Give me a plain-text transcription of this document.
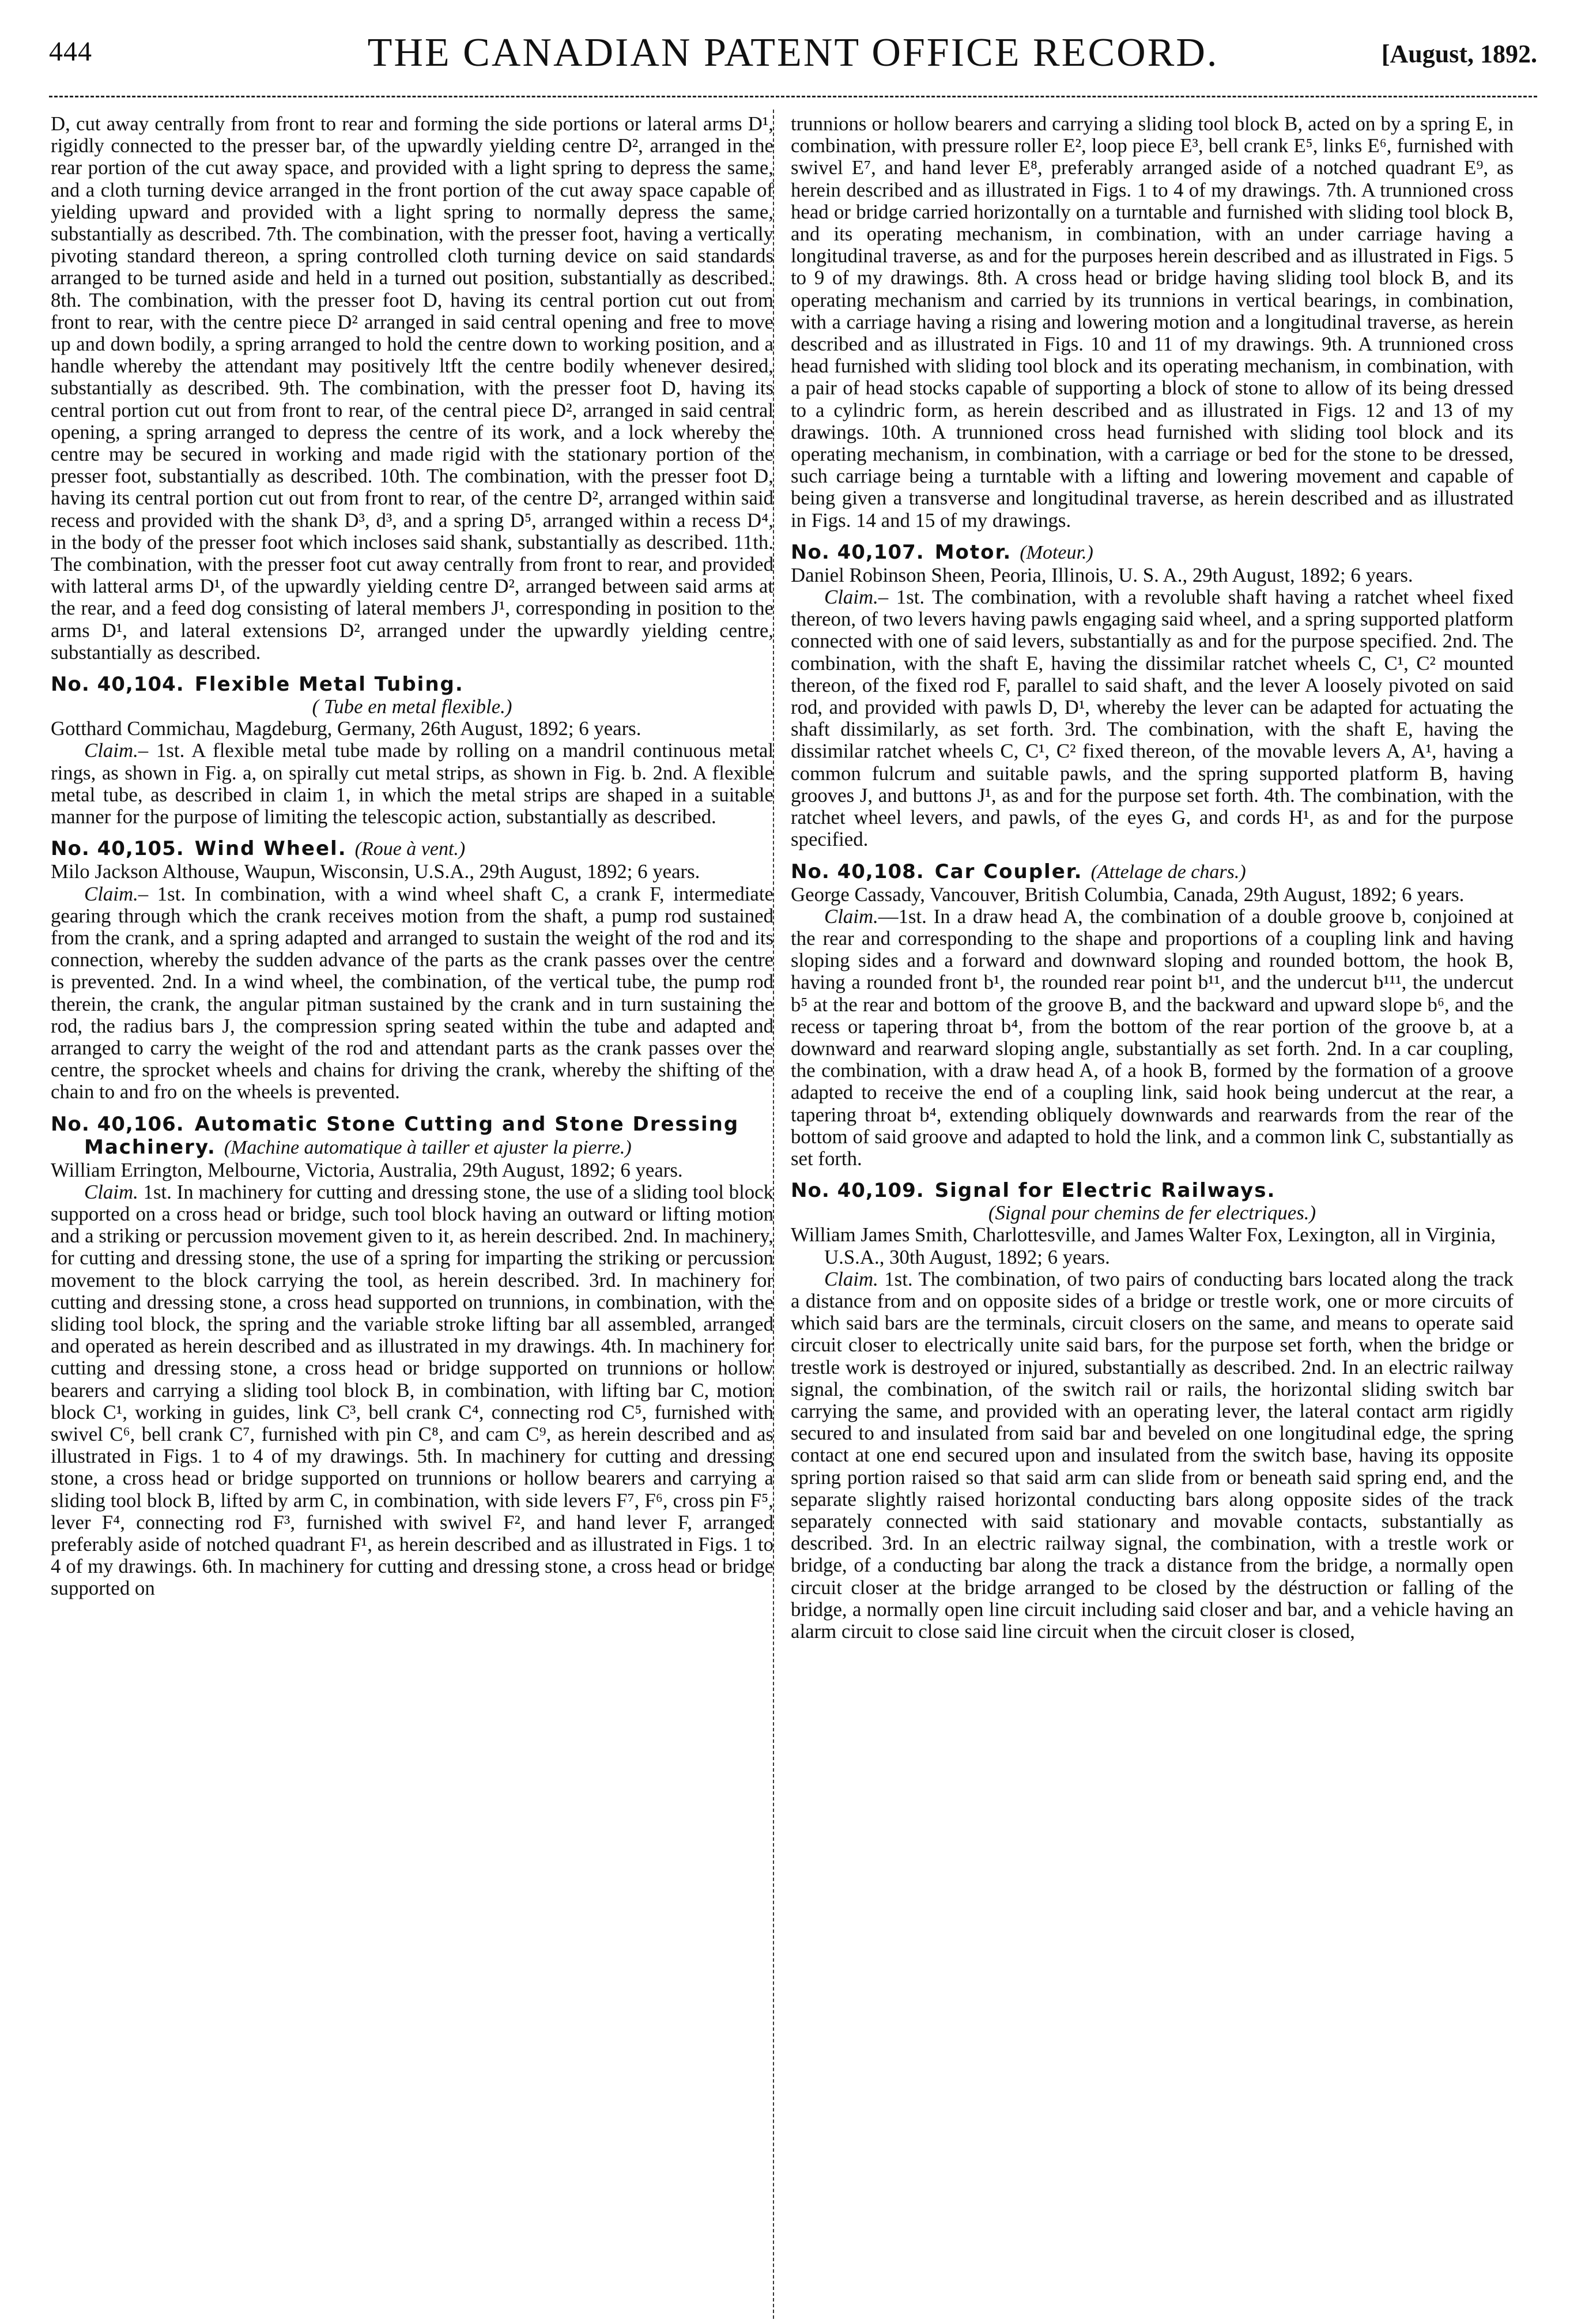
444	THE CANADIAN PATENT OFFICE RECORD.	[August, 1892.

D, cut away centrally from front to rear and forming the side portions or lateral arms D¹, rigidly connected to the presser bar, of the upwardly yielding centre D², arranged in the rear portion of the cut away space, and provided with a light spring to depress the same, and a cloth turning device arranged in the front portion of the cut away space capable of yielding upward and provided with a light spring to normally depress the same, substantially as described. 7th. The combination, with the presser foot, having a vertically pivoting standard thereon, a spring controlled cloth turning device on said standards arranged to be turned aside and held in a turned out position, substantially as described. 8th. The combination, with the presser foot D, having its central portion cut out from front to rear, with the centre piece D² arranged in said central opening and free to move up and down bodily, a spring arranged to hold the centre down to working position, and a handle whereby the attendant may positively ltft the centre bodily whenever desired, substantially as described. 9th. The combination, with the presser foot D, having its central portion cut out from front to rear, of the central piece D², arranged in said central opening, a spring arranged to depress the centre of its work, and a lock whereby the centre may be secured in working and made rigid with the stationary portion of the presser foot, substantially as described. 10th. The combination, with the presser foot D, having its central portion cut out from front to rear, of the centre D², arranged within said recess and provided with the shank D³, d³, and a spring D⁵, arranged within a recess D⁴, in the body of the presser foot which incloses said shank, substantially as described. 11th. The combination, with the presser foot cut away centrally from front to rear, and provided with latteral arms D¹, of the upwardly yielding centre D², arranged between said arms at the rear, and a feed dog consisting of lateral members J¹, corresponding in position to the arms D¹, and lateral extensions D², arranged under the upwardly yielding centre, substantially as described.

No. 40,104. Flexible Metal Tubing.

( Tube en metal flexible.)

Gotthard Commichau, Magdeburg, Germany, 26th August, 1892; 6 years.

Claim.– 1st. A flexible metal tube made by rolling on a mandril continuous metal rings, as shown in Fig. a, on spirally cut metal strips, as shown in Fig. b. 2nd. A flexible metal tube, as described in claim 1, in which the metal strips are shaped in a suitable manner for the purpose of limiting the telescopic action, substantially as described.

No. 40,105. Wind Wheel. (Roue à vent.)

Milo Jackson Althouse, Waupun, Wisconsin, U.S.A., 29th August, 1892; 6 years.

Claim.– 1st. In combination, with a wind wheel shaft C, a crank F, intermediate gearing through which the crank receives motion from the shaft, a pump rod sustained from the crank, and a spring adapted and arranged to sustain the weight of the rod and its connection, whereby the sudden advance of the parts as the crank passes over the centre is prevented. 2nd. In a wind wheel, the combination, of the vertical tube, the pump rod therein, the crank, the angular pitman sustained by the crank and in turn sustaining the rod, the radius bars J, the compression spring seated within the tube and adapted and arranged to carry the weight of the rod and attendant parts as the crank passes over the centre, the sprocket wheels and chains for driving the crank, whereby the shifting of the chain to and fro on the wheels is prevented.

No. 40,106. Automatic Stone Cutting and Stone Dressing Machinery. (Machine automatique à tailler et ajuster la pierre.)

William Errington, Melbourne, Victoria, Australia, 29th August, 1892; 6 years.

Claim. 1st. In machinery for cutting and dressing stone, the use of a sliding tool block supported on a cross head or bridge, such tool block having an outward or lifting motion and a striking or percussion movement given to it, as herein described. 2nd. In machinery, for cutting and dressing stone, the use of a spring for imparting the striking or percussion movement to the block carrying the tool, as herein described. 3rd. In machinery for cutting and dressing stone, a cross head supported on trunnions, in combination, with the sliding tool block, the spring and the variable stroke lifting bar all assembled, arranged and operated as herein described and as illustrated in my drawings. 4th. In machinery for cutting and dressing stone, a cross head or bridge supported on trunnions or hollow bearers and carrying a sliding tool block B, in combination, with lifting bar C, motion block C¹, working in guides, link C³, bell crank C⁴, connecting rod C⁵, furnished with swivel C⁶, bell crank C⁷, furnished with pin C⁸, and cam C⁹, as herein described and as illustrated in Figs. 1 to 4 of my drawings. 5th. In machinery for cutting and dressing stone, a cross head or bridge supported on trunnions or hollow bearers and carrying a sliding tool block B, lifted by arm C, in combination, with side levers F⁷, F⁶, cross pin F⁵, lever F⁴, connecting rod F³, furnished with swivel F², and hand lever F, arranged preferably aside of notched quadrant F¹, as herein described and as illustrated in Figs. 1 to 4 of my drawings. 6th. In machinery for cutting and dressing stone, a cross head or bridge supported on

trunnions or hollow bearers and carrying a sliding tool block B, acted on by a spring E, in combination, with pressure roller E², loop piece E³, bell crank E⁵, links E⁶, furnished with swivel E⁷, and hand lever E⁸, preferably arranged aside of a notched quadrant E⁹, as herein described and as illustrated in Figs. 1 to 4 of my drawings. 7th. A trunnioned cross head or bridge carried horizontally on a turntable and furnished with sliding tool block B, and its operating mechanism, in combination, with an under carriage having a longitudinal traverse, as and for the purposes herein described and as illustrated in Figs. 5 to 9 of my drawings. 8th. A cross head or bridge having sliding tool block B, and its operating mechanism and carried by its trunnions in vertical bearings, in combination, with a carriage having a rising and lowering motion and a longitudinal traverse, as herein described and as illustrated in Figs. 10 and 11 of my drawings. 9th. A trunnioned cross head furnished with sliding tool block and its operating mechanism, in combination, with a pair of head stocks capable of supporting a block of stone to allow of its being dressed to a cylindric form, as herein described and as illustrated in Figs. 12 and 13 of my drawings. 10th. A trunnioned cross head furnished with sliding tool block and its operating mechanism, in combination, with a carriage or bed for the stone to be dressed, such carriage being a turntable with a lifting and lowering movement and capable of being given a transverse and longitudinal traverse, as herein described and as illustrated in Figs. 14 and 15 of my drawings.

No. 40,107. Motor. (Moteur.)

Daniel Robinson Sheen, Peoria, Illinois, U. S. A., 29th August, 1892; 6 years.

Claim.– 1st. The combination, with a revoluble shaft having a ratchet wheel fixed thereon, of two levers having pawls engaging said wheel, and a spring supported platform connected with one of said levers, substantially as and for the purpose specified. 2nd. The combination, with the shaft E, having the dissimilar ratchet wheels C, C¹, C² mounted thereon, of the fixed rod F, parallel to said shaft, and the lever A loosely pivoted on said rod, and provided with pawls D, D¹, whereby the lever can be adapted for actuating the shaft dissimilarly, as set forth. 3rd. The combination, with the shaft E, having the dissimilar ratchet wheels C, C¹, C² fixed thereon, of the movable levers A, A¹, having a common fulcrum and suitable pawls, and the spring supported platform B, having grooves J, and buttons J¹, as and for the purpose set forth. 4th. The combination, with the ratchet wheel levers, and pawls, of the eyes G, and cords H¹, as and for the purpose specified.

No. 40,108. Car Coupler. (Attelage de chars.)

George Cassady, Vancouver, British Columbia, Canada, 29th August, 1892; 6 years.

Claim.—1st. In a draw head A, the combination of a double groove b, conjoined at the rear and corresponding to the shape and proportions of a coupling link and having sloping sides and a forward and downward sloping and rounded bottom, the hook B, having a rounded front b¹, the rounded rear point b¹¹, and the undercut b¹¹¹, the undercut b⁵ at the rear and bottom of the groove B, and the backward and upward slope b⁶, and the recess or tapering throat b⁴, from the bottom of the rear portion of the groove b, at a downward and rearward sloping angle, substantially as set forth. 2nd. In a car coupling, the combination, with a draw head A, of a hook B, formed by the formation of a groove adapted to receive the end of a coupling link, said hook being undercut at the rear, a tapering throat b⁴, extending obliquely downwards and rearwards from the rear of the bottom of said groove and adapted to hold the link, and a common link C, substantially as set forth.

No. 40,109. Signal for Electric Railways.

(Signal pour chemins de fer electriques.)

William James Smith, Charlottesville, and James Walter Fox, Lexington, all in Virginia, U.S.A., 30th August, 1892; 6 years.

Claim. 1st. The combination, of two pairs of conducting bars located along the track a distance from and on opposite sides of a bridge or trestle work, one or more circuits of which said bars are the terminals, circuit closers on the same, and means to operate said circuit closer to electrically unite said bars, for the purpose set forth, when the bridge or trestle work is destroyed or injured, substantially as described. 2nd. In an electric railway signal, the combination, of the switch rail or rails, the horizontal sliding switch bar carrying the same, and provided with an operating lever, the lateral contact arm rigidly secured to and insulated from said bar and beveled on one longitudinal edge, the spring contact at one end secured upon and insulated from the switch base, having its opposite spring portion raised so that said arm can slide from or beneath said spring end, and the separate slightly raised horizontal conducting bars along opposite sides of the track separately connected with said stationary and movable contacts, substantially as described. 3rd. In an electric railway signal, the combination, with a trestle work or bridge, of a conducting bar along the track a distance from the bridge, a normally open circuit closer at the bridge arranged to be closed by the déstruction or falling of the bridge, a normally open line circuit including said closer and bar, and a vehicle having an alarm circuit to close said line circuit when the circuit closer is closed,
